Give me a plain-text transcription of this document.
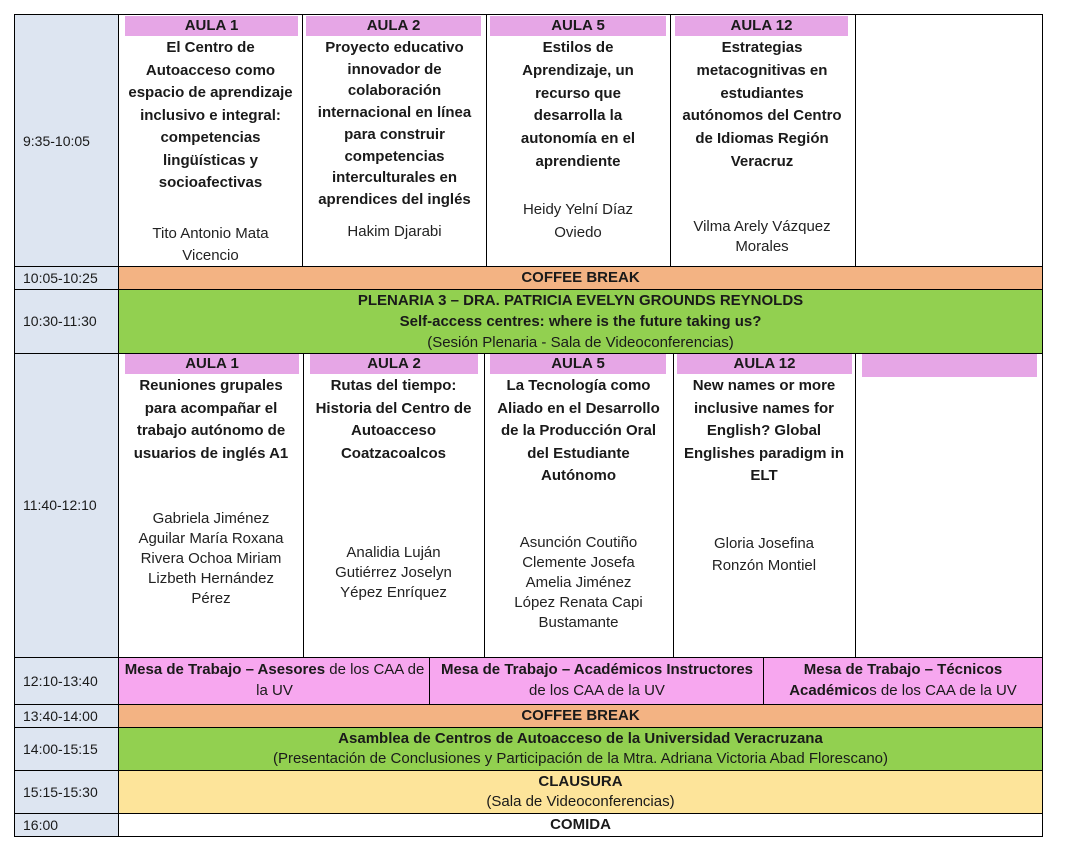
9:35-10:05
10:05-10:25
10:30-11:30
11:40-12:10
12:10-13:40
13:40-14:00
14:00-15:15
15:15-15:30
16:00
AULA 1
El Centro de Autoacceso como espacio de aprendizaje inclusivo e integral: competencias lingüísticas y socioafectivas
Tito Antonio Mata Vicencio
AULA 2
Proyecto educativo innovador de colaboración internacional en línea para construir competencias interculturales en aprendices del inglés
Hakim Djarabi
AULA 5
Estilos de Aprendizaje, un recurso que desarrolla la autonomía en el aprendiente
Heidy Yelní Díaz Oviedo
AULA 12
Estrategias metacognitivas en estudiantes autónomos del Centro de Idiomas Región Veracruz
Vilma Arely Vázquez Morales
COFFEE BREAK
PLENARIA 3 – DRA. PATRICIA EVELYN GROUNDS REYNOLDS
Self-access centres: where is the future taking us?
(Sesión Plenaria - Sala de Videoconferencias)
AULA 1
Reuniones grupales para acompañar el trabajo autónomo de usuarios de inglés A1
Gabriela Jiménez Aguilar María Roxana Rivera Ochoa Miriam Lizbeth Hernández Pérez
AULA 2
Rutas del tiempo: Historia del Centro de Autoacceso Coatzacoalcos
Analidia Luján Gutiérrez Joselyn Yépez Enríquez
AULA 5
La Tecnología como Aliado en el Desarrollo de la Producción Oral del Estudiante Autónomo
Asunción Coutiño Clemente Josefa Amelia Jiménez López Renata Capi Bustamante
AULA 12
New names or more inclusive names for English? Global Englishes paradigm in ELT
Gloria Josefina Ronzón Montiel
Mesa de Trabajo – Asesores de los CAA de la UV
Mesa de Trabajo – Académicos Instructores de los CAA de la UV
Mesa de Trabajo – Técnicos Académicos de los CAA de la UV
COFFEE BREAK
Asamblea de Centros de Autoacceso de la Universidad Veracruzana
(Presentación de Conclusiones y Participación de la Mtra. Adriana Victoria Abad Florescano)
CLAUSURA
(Sala de Videoconferencias)
COMIDA
